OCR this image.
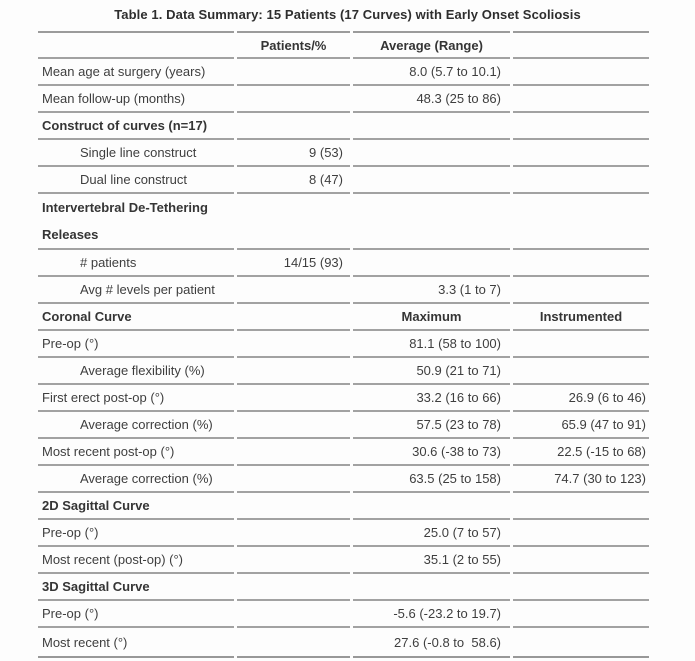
Table 1. Data Summary: 15 Patients (17 Curves) with Early Onset Scoliosis
	Patients/%	Average (Range)	
Mean age at surgery (years)		8.0 (5.7 to 10.1)	
Mean follow-up (months)		48.3 (25 to 86)	
Construct of curves (n=17)			
Single line construct	9 (53)		
Dual line construct	8 (47)		
Intervertebral De-Tethering Releases			
# patients	14/15 (93)		
Avg # levels per patient		3.3 (1 to 7)	
Coronal Curve		Maximum	Instrumented
Pre-op (°)		81.1 (58 to 100)	
Average flexibility (%)		50.9 (21 to 71)	
First erect post-op (°)		33.2 (16 to 66)	26.9 (6 to 46)
Average correction (%)		57.5 (23 to 78)	65.9 (47 to 91)
Most recent post-op (°)		30.6 (-38 to 73)	22.5 (-15 to 68)
Average correction (%)		63.5 (25 to 158)	74.7 (30 to 123)
2D Sagittal Curve			
Pre-op (°)		25.0 (7 to 57)	
Most recent (post-op) (°)		35.1 (2 to 55)	
3D Sagittal Curve			
Pre-op (°)		-5.6 (-23.2 to 19.7)	
Most recent (°)		27.6 (-0.8 to  58.6)	
